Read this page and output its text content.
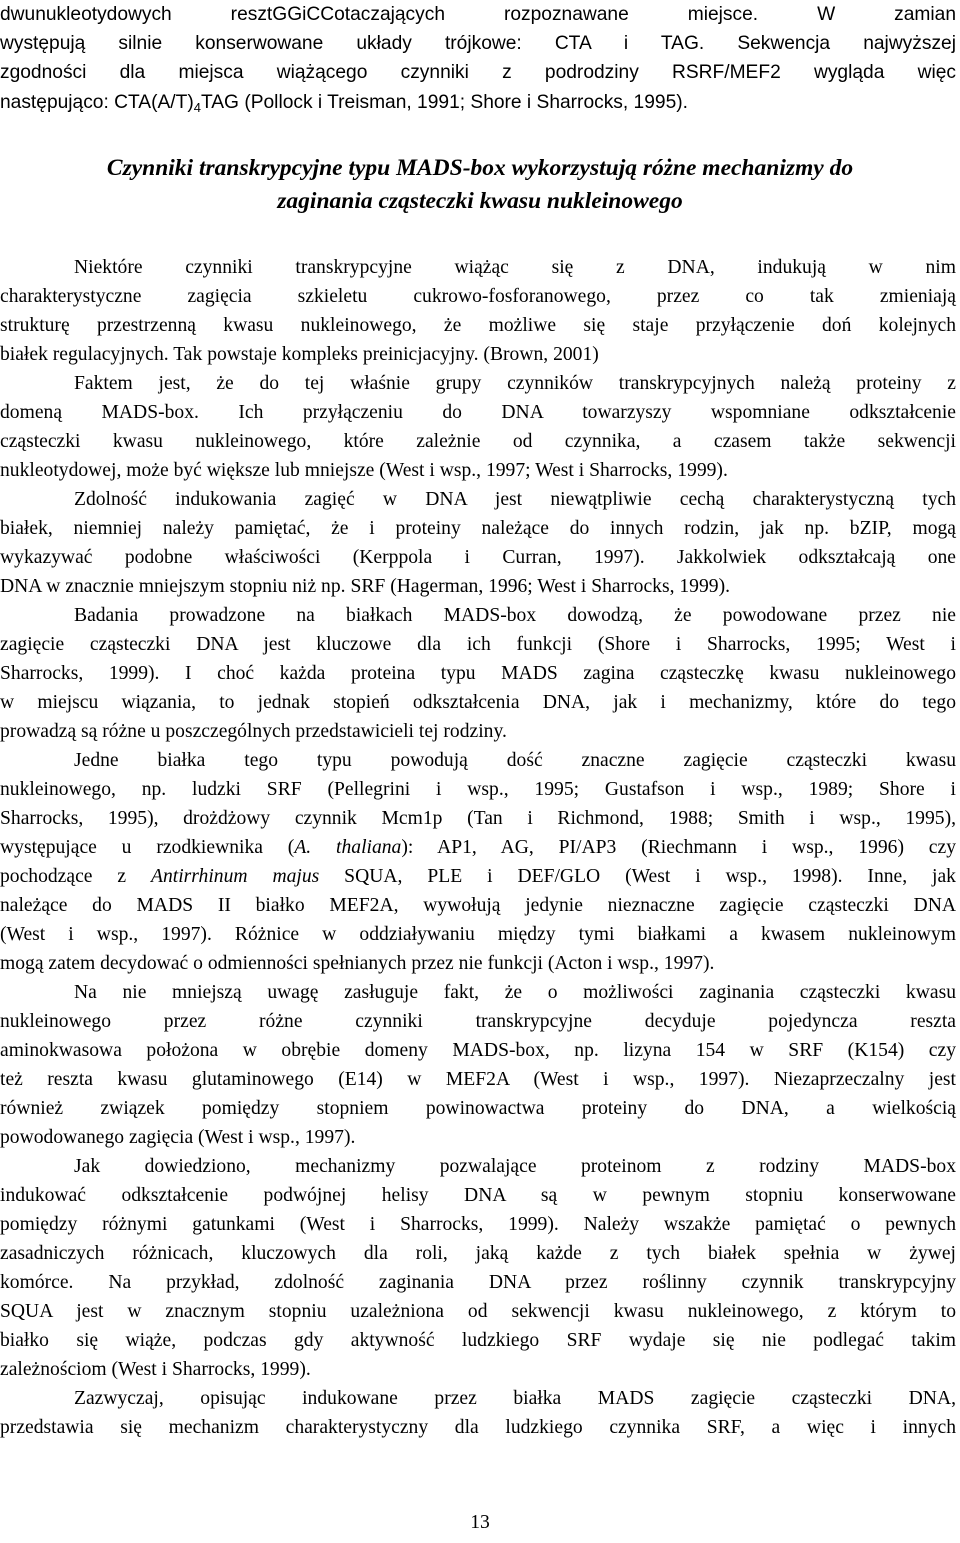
dwunukleotydowych resztGGiCCotaczających rozpoznawane miejsce. W zamian
występują silnie konserwowane układy trójkowe: CTA i TAG. Sekwencja najwyższej
zgodności dla miejsca wiążącego czynniki z podrodziny RSRF/MEF2 wygląda więc
następująco: $CTA(A/T)_4TAG$ (Pollock i Treisman, 1991; Shore i Sharrocks, 1995).
Czynniki transkrypcyjne typu MADS-box wykorzystują różne mechanizmy do
zaginania cząsteczki kwasu nukleinowego
Niektóre czynniki transkrypcyjne wiążąc się z DNA, indukują w nim
charakterystyczne zagięcia szkieletu cukrowo-fosforanowego, przez co tak zmieniają
strukturę przestrzenną kwasu nukleinowego, że możliwe się staje przyłączenie doń kolejnych
białek regulacyjnych. Tak powstaje kompleks preinicjacyjny. (Brown, 2001)
Faktem jest, że do tej właśnie grupy czynników transkrypcyjnych należą proteiny z
domeną MADS-box. Ich przyłączeniu do DNA towarzyszy wspomniane odkształcenie
cząsteczki kwasu nukleinowego, które zależnie od czynnika, a czasem także sekwencji
nukleotydowej, może być większe lub mniejsze (West i wsp., 1997; West i Sharrocks, 1999).
Zdolność indukowania zagięć w DNA jest niewątpliwie cechą charakterystyczną tych
białek, niemniej należy pamiętać, że i proteiny należące do innych rodzin, jak np. bZIP, mogą
wykazywać podobne właściwości (Kerppola i Curran, 1997). Jakkolwiek odkształcają one
DNA w znacznie mniejszym stopniu niż np. SRF (Hagerman, 1996; West i Sharrocks, 1999).
Badania prowadzone na białkach MADS-box dowodzą, że powodowane przez nie
zagięcie cząsteczki DNA jest kluczowe dla ich funkcji (Shore i Sharrocks, 1995; West i
Sharrocks, 1999). I choć każda proteina typu MADS zagina cząsteczkę kwasu nukleinowego
w miejscu wiązania, to jednak stopień odkształcenia DNA, jak i mechanizmy, które do tego
prowadzą są różne u poszczególnych przedstawicieli tej rodziny.
Jedne białka tego typu powodują dość znaczne zagięcie cząsteczki kwasu
nukleinowego, np. ludzki SRF (Pellegrini i wsp., 1995; Gustafson i wsp., 1989; Shore i
Sharrocks, 1995), drożdżowy czynnik Mcm1p (Tan i Richmond, 1988; Smith i wsp., 1995),
występujące u rzodkiewnika (A. thaliana): AP1, AG, PI/AP3 (Riechmann i wsp., 1996) czy
pochodzące z Antirrhinum majus SQUA, PLE i DEF/GLO (West i wsp., 1998). Inne, jak
należące do MADS II białko MEF2A, wywołują jedynie nieznaczne zagięcie cząsteczki DNA
(West i wsp., 1997). Różnice w oddziaływaniu między tymi białkami a kwasem nukleinowym
mogą zatem decydować o odmienności spełnianych przez nie funkcji (Acton i wsp., 1997).
Na nie mniejszą uwagę zasługuje fakt, że o możliwości zaginania cząsteczki kwasu
nukleinowego przez różne czynniki transkrypcyjne decyduje pojedyncza reszta
aminokwasowa położona w obrębie domeny MADS-box, np. lizyna 154 w SRF (K154) czy
też reszta kwasu glutaminowego (E14) w MEF2A (West i wsp., 1997). Niezaprzeczalny jest
również związek pomiędzy stopniem powinowactwa proteiny do DNA, a wielkością
powodowanego zagięcia (West i wsp., 1997).
Jak dowiedziono, mechanizmy pozwalające proteinom z rodziny MADS-box
indukować odkształcenie podwójnej helisy DNA są w pewnym stopniu konserwowane
pomiędzy różnymi gatunkami (West i Sharrocks, 1999). Należy wszakże pamiętać o pewnych
zasadniczych różnicach, kluczowych dla roli, jaką każde z tych białek spełnia w żywej
komórce. Na przykład, zdolność zaginania DNA przez roślinny czynnik transkrypcyjny
SQUA jest w znacznym stopniu uzależniona od sekwencji kwasu nukleinowego, z którym to
białko się wiąże, podczas gdy aktywność ludzkiego SRF wydaje się nie podlegać takim
zależnościom (West i Sharrocks, 1999).
Zazwyczaj, opisując indukowane przez białka MADS zagięcie cząsteczki DNA,
przedstawia się mechanizm charakterystyczny dla ludzkiego czynnika SRF, a więc i innych
13
